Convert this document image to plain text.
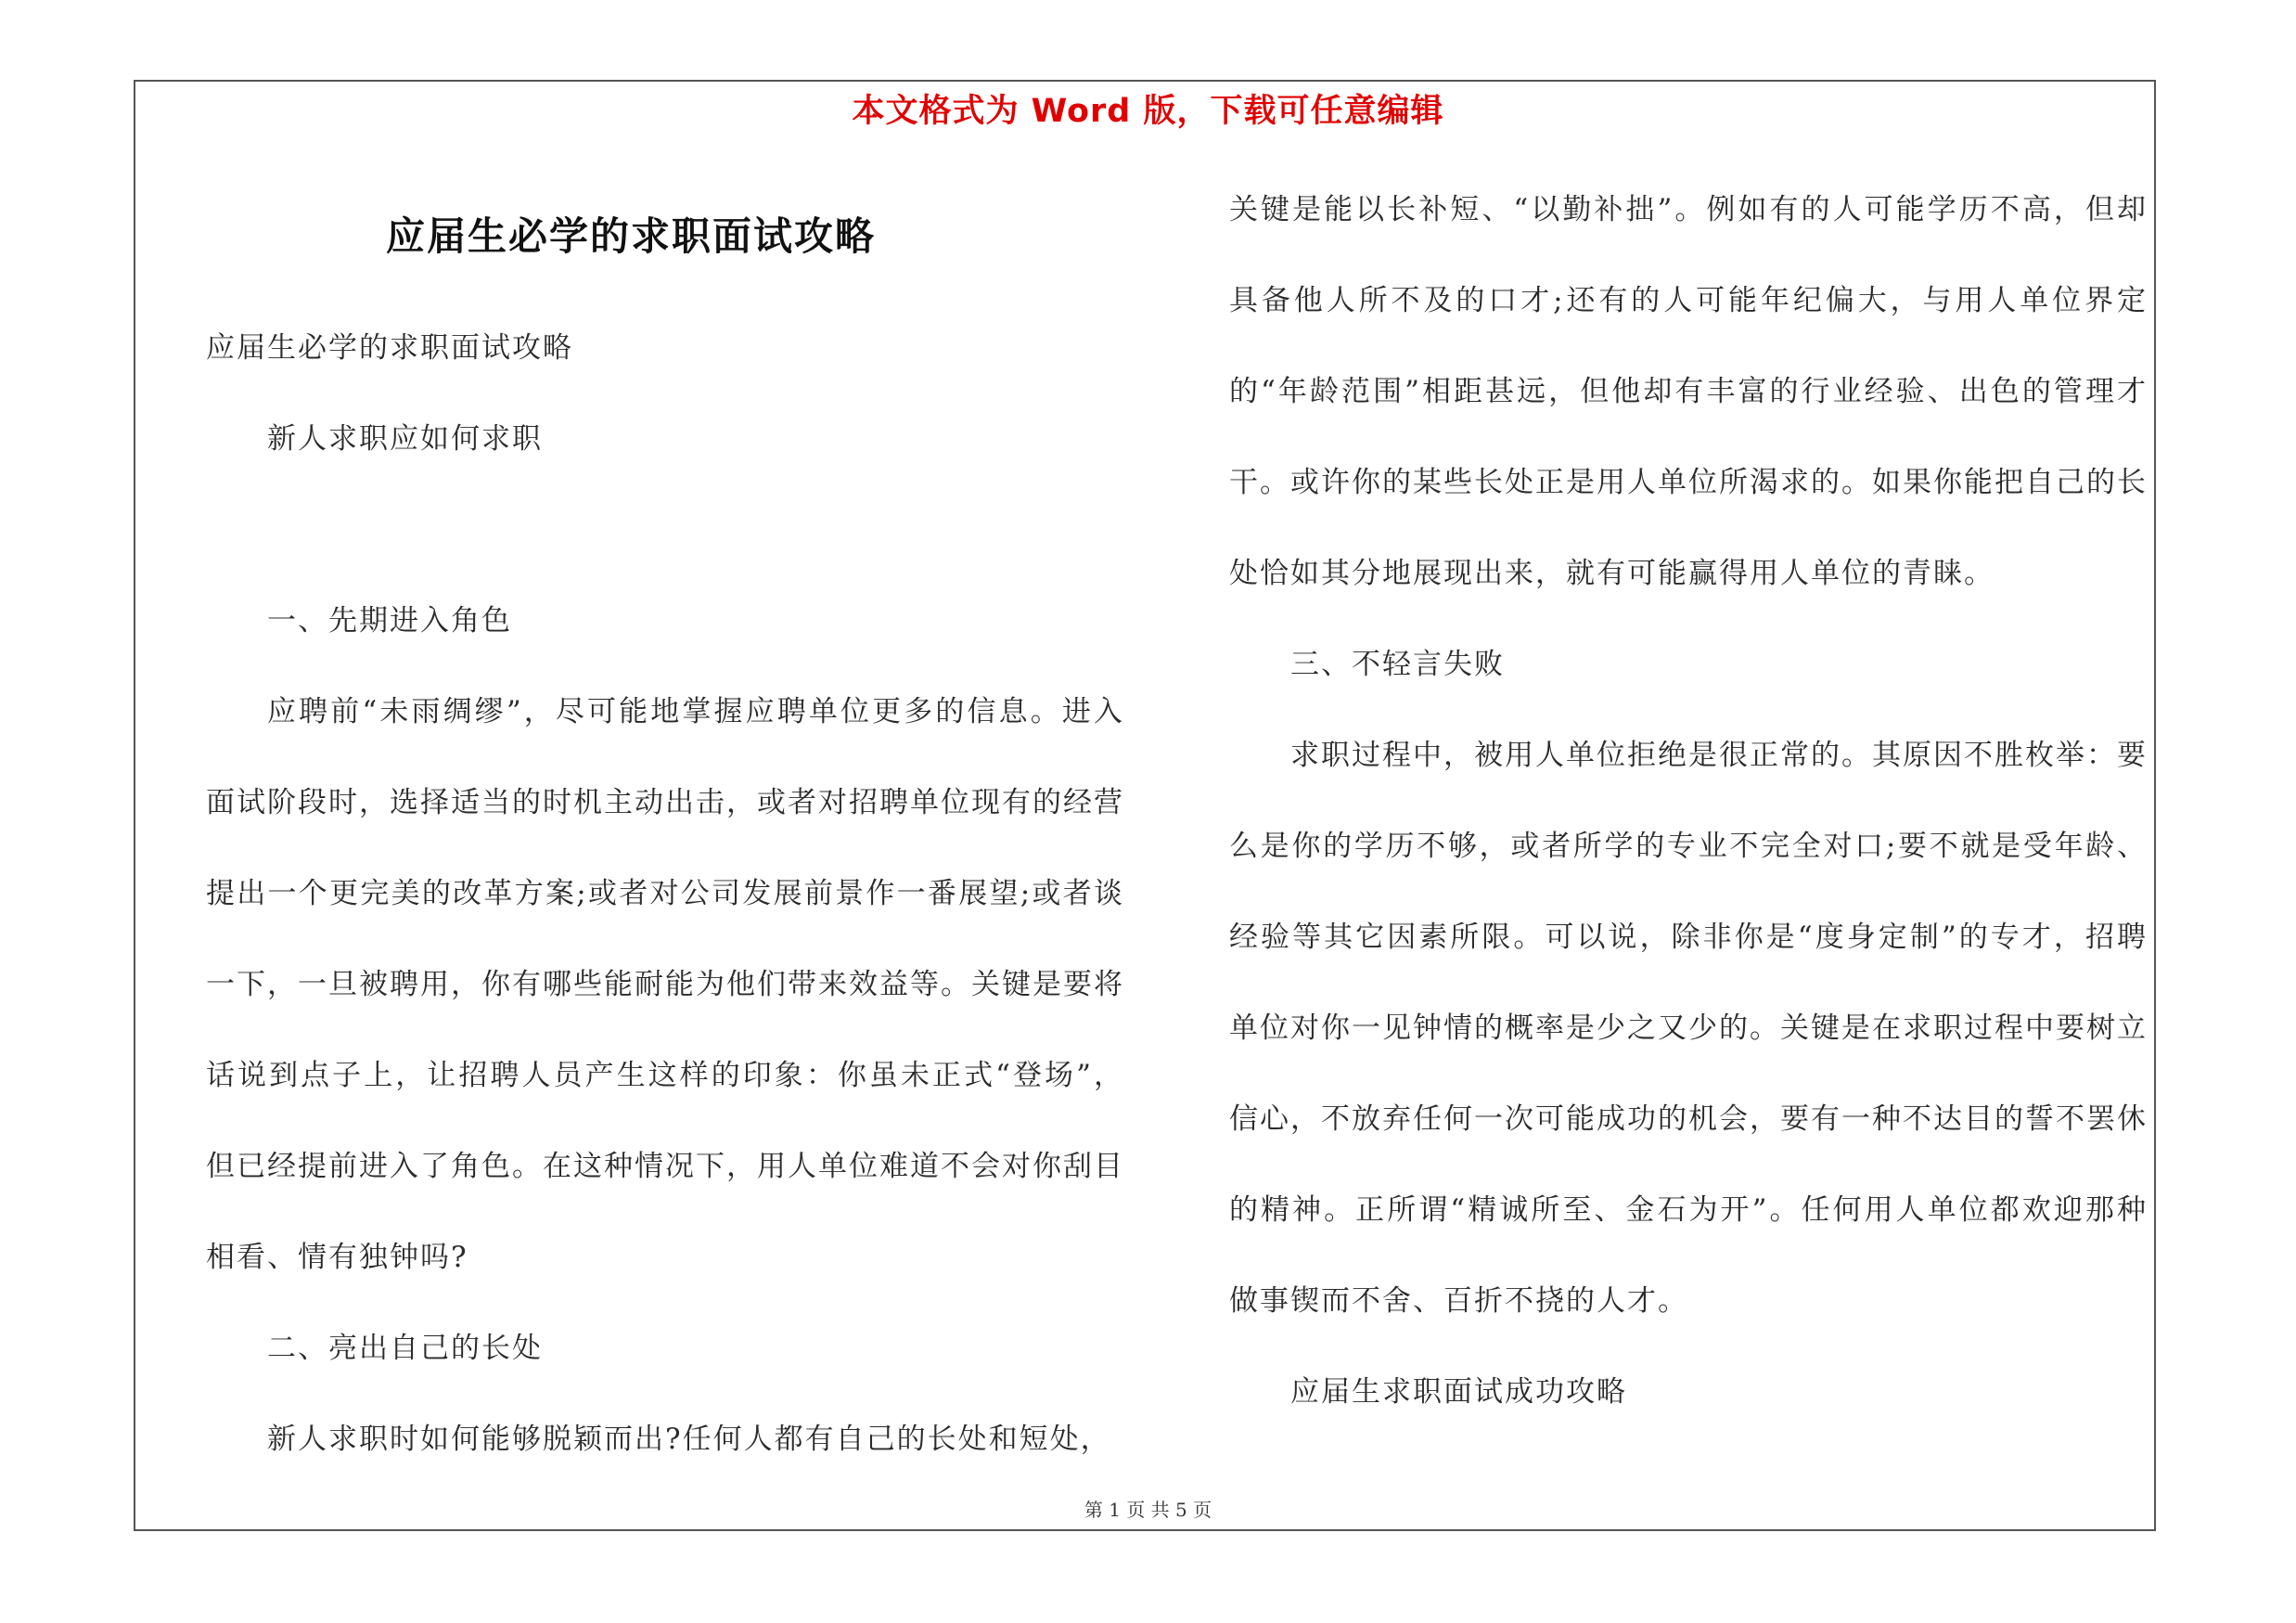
本文格式为 Word 版，下载可任意编辑
应届生必学的求职面试攻略

应届生必学的求职面试攻略

新人求职应如何求职

一、先期进入角色

应聘前“未雨绸缪”，尽可能地掌握应聘单位更多的信息。进入面试阶段时，选择适当的时机主动出击，或者对招聘单位现有的经营提出一个更完美的改革方案;或者对公司发展前景作一番展望;或者谈一下，一旦被聘用，你有哪些能耐能为他们带来效益等。关键是要将话说到点子上，让招聘人员产生这样的印象：你虽未正式“登场”，但已经提前进入了角色。在这种情况下，用人单位难道不会对你刮目相看、情有独钟吗?

二、亮出自己的长处

新人求职时如何能够脱颖而出?任何人都有自己的长处和短处，

关键是能以长补短、“以勤补拙”。例如有的人可能学历不高，但却具备他人所不及的口才;还有的人可能年纪偏大，与用人单位界定的“年龄范围”相距甚远，但他却有丰富的行业经验、出色的管理才干。或许你的某些长处正是用人单位所渴求的。如果你能把自己的长处恰如其分地展现出来，就有可能赢得用人单位的青睐。

三、不轻言失败

求职过程中，被用人单位拒绝是很正常的。其原因不胜枚举：要么是你的学历不够，或者所学的专业不完全对口;要不就是受年龄、经验等其它因素所限。可以说，除非你是“度身定制”的专才，招聘单位对你一见钟情的概率是少之又少的。关键是在求职过程中要树立信心，不放弃任何一次可能成功的机会，要有一种不达目的誓不罢休的精神。正所谓“精诚所至、金石为开”。任何用人单位都欢迎那种做事锲而不舍、百折不挠的人才。

应届生求职面试成功攻略

第 1 页 共 5 页
